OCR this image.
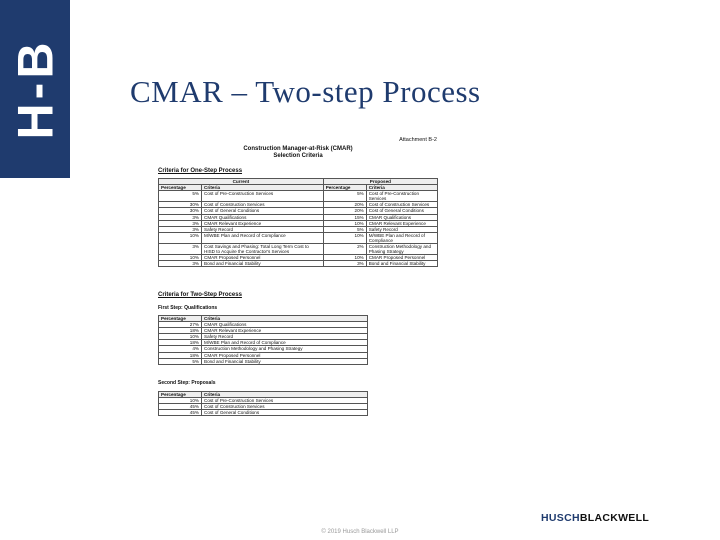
H-B CMAR – Two-step Process
Attachment B-2
Construction Manager-at-Risk (CMAR)
Selection Criteria
Criteria for One-Step Process
Current		Proposed	
Percentage	Criteria	Percentage	Criteria
5%	Cost of Pre-Construction Services	5%	Cost of Pre-Construction Services
30%	Cost of Construction Services	20%	Cost of Construction Services
30%	Cost of General Conditions	20%	Cost of General Conditions
3%	CMAR Qualifications	15%	CMAR Qualifications
3%	CMAR Relevant Experience	10%	CMAR Relevant Experience
3%	Safety Record	5%	Safety Record
10%	M/WBE Plan and Record of Compliance	10%	M/WBE Plan and Record of Compliance
3%	Cost Savings and Phasing: Total Long Term Cost to HISD to Acquire the Contractor's Services	2%	Construction Methodology and Phasing Strategy
10%	CMAR Proposed Personnel	10%	CMAR Proposed Personnel
3%	Bond and Financial Stability	3%	Bond and Financial Stability
Criteria for Two-Step Process
First Step: Qualifications
Percentage	Criteria
27%	CMAR Qualifications
18%	CMAR Relevant Experience
10%	Safety Record
18%	M/WBE Plan and Record of Compliance
4%	Construction Methodology and Phasing Strategy
18%	CMAR Proposed Personnel
5%	Bond and Financial Stability
Second Step: Proposals
Percentage	Criteria
10%	Cost of Pre-Construction Services
45%	Cost of Construction Services
45%	Cost of General Conditions
© 2019 Husch Blackwell LLP
HUSCHBLACKWELL
